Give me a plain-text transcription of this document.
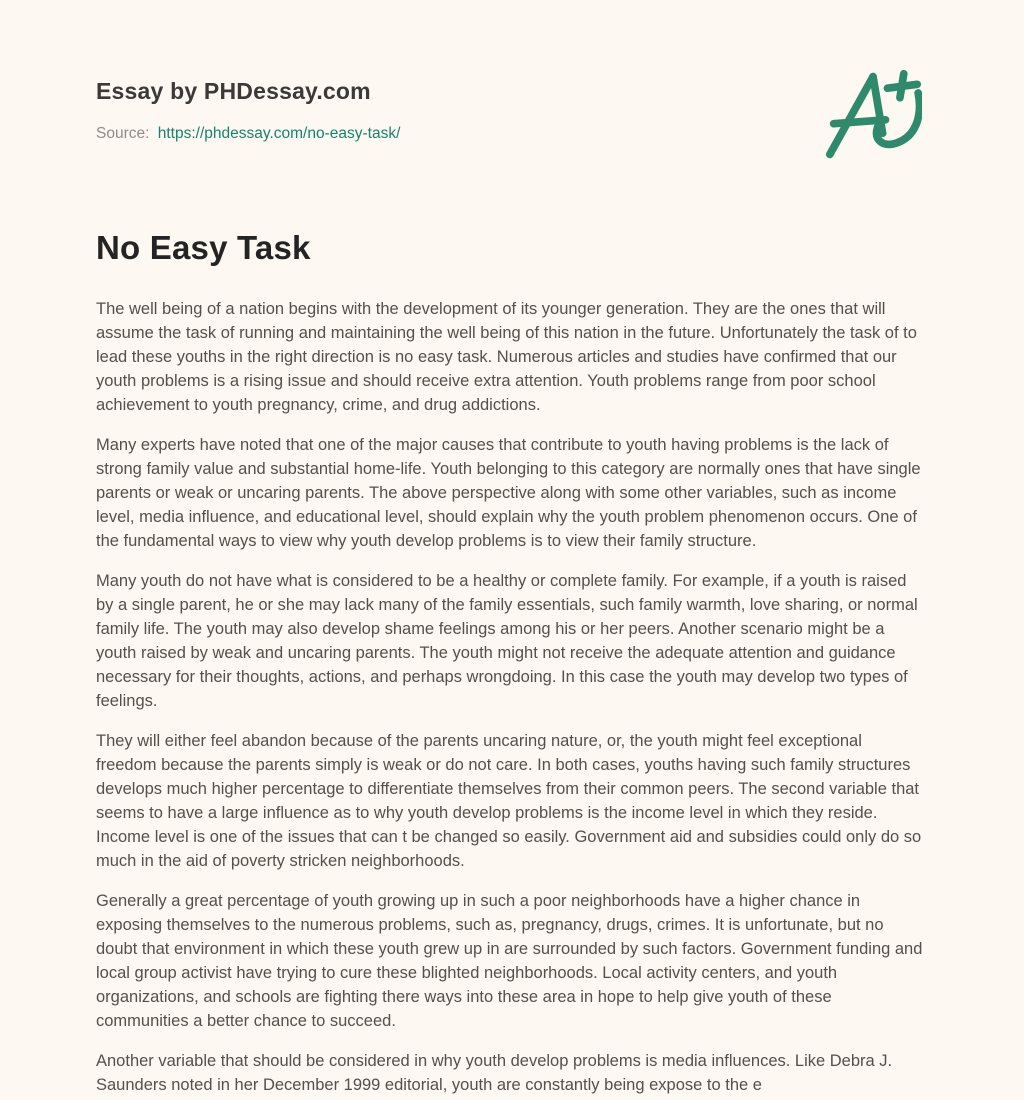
Essay by PHDessay.com

Source: https://phdessay.com/no-easy-task/

No Easy Task

The well being of a nation begins with the development of its younger generation. They are the ones that will assume the task of running and maintaining the well being of this nation in the future. Unfortunately the task of to lead these youths in the right direction is no easy task. Numerous articles and studies have confirmed that our youth problems is a rising issue and should receive extra attention. Youth problems range from poor school achievement to youth pregnancy, crime, and drug addictions.

Many experts have noted that one of the major causes that contribute to youth having problems is the lack of strong family value and substantial home-life. Youth belonging to this category are normally ones that have single parents or weak or uncaring parents. The above perspective along with some other variables, such as income level, media influence, and educational level, should explain why the youth problem phenomenon occurs. One of the fundamental ways to view why youth develop problems is to view their family structure.

Many youth do not have what is considered to be a healthy or complete family. For example, if a youth is raised by a single parent, he or she may lack many of the family essentials, such family warmth, love sharing, or normal family life. The youth may also develop shame feelings among his or her peers. Another scenario might be a youth raised by weak and uncaring parents. The youth might not receive the adequate attention and guidance necessary for their thoughts, actions, and perhaps wrongdoing. In this case the youth may develop two types of feelings.

They will either feel abandon because of the parents uncaring nature, or, the youth might feel exceptional freedom because the parents simply is weak or do not care. In both cases, youths having such family structures develops much higher percentage to differentiate themselves from their common peers. The second variable that seems to have a large influence as to why youth develop problems is the income level in which they reside. Income level is one of the issues that can t be changed so easily. Government aid and subsidies could only do so much in the aid of poverty stricken neighborhoods.

Generally a great percentage of youth growing up in such a poor neighborhoods have a higher chance in exposing themselves to the numerous problems, such as, pregnancy, drugs, crimes. It is unfortunate, but no doubt that environment in which these youth grew up in are surrounded by such factors. Government funding and local group activist have trying to cure these blighted neighborhoods. Local activity centers, and youth organizations, and schools are fighting there ways into these area in hope to help give youth of these communities a better chance to succeed.

Another variable that should be considered in why youth develop problems is media influences. Like Debra J. Saunders noted in her December 1999 editorial, youth are constantly being expose to the e
